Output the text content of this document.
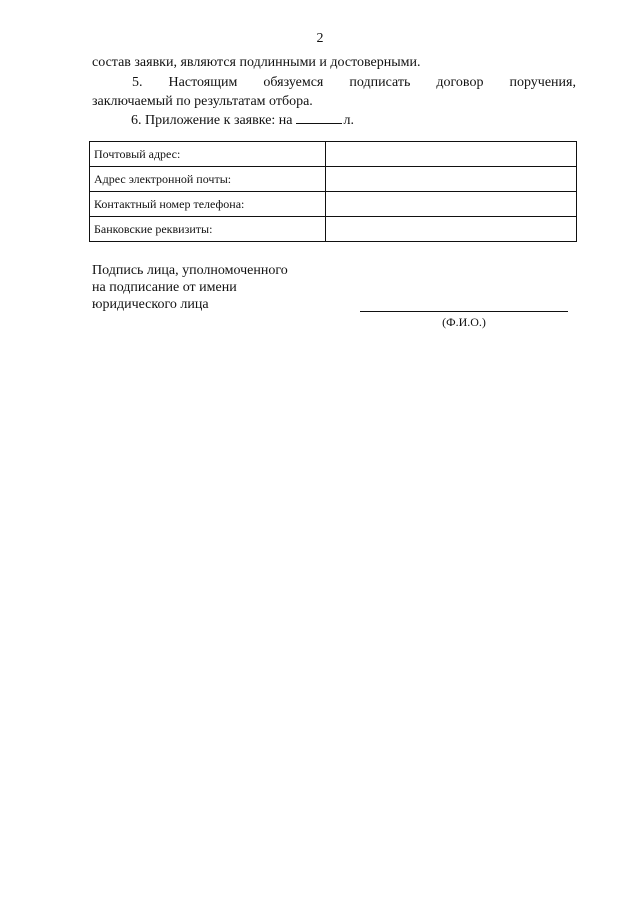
2
состав заявки, являются подлинными и достоверными.
5. Настоящим обязуемся подписать договор поручения,
заключаемый по результатам отбора.
6. Приложение к заявке: на	л.
Почтовый адрес:	
Адрес электронной почты:	
Контактный номер телефона:	
Банковские реквизиты:	
Подпись лица, уполномоченного
на подписание от имени
юридического лица
(Ф.И.О.)
